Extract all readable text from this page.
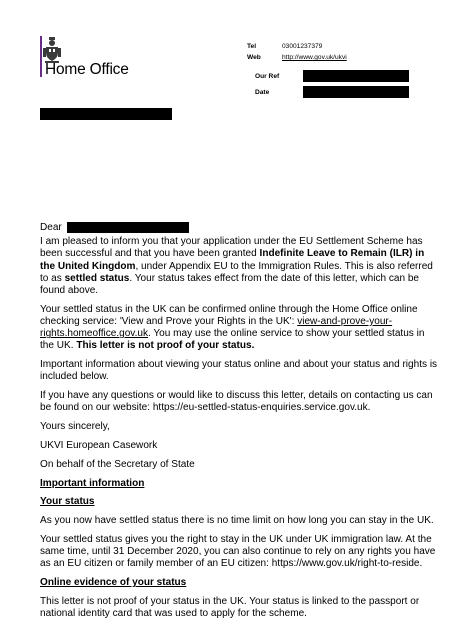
Home Office
Tel	03001237379
Web	http://www.gov.uk/ukvi
Our Ref
Date
Dear

I am pleased to inform you that your application under the EU Settlement Scheme has been successful and that you have been granted Indefinite Leave to Remain (ILR) in the United Kingdom, under Appendix EU to the Immigration Rules. This is also referred to as settled status. Your status takes effect from the date of this letter, which can be found above.

Your settled status in the UK can be confirmed online through the Home Office online checking service: 'View and Prove your Rights in the UK': view-and-prove-your-rights.homeoffice.gov.uk. You may use the online service to show your settled status in the UK. This letter is not proof of your status.

Important information about viewing your status online and about your status and rights is included below.

If you have any questions or would like to discuss this letter, details on contacting us can be found on our website: https://eu-settled-status-enquiries.service.gov.uk.

Yours sincerely,

UKVI European Casework

On behalf of the Secretary of State

Important information

Your status

As you now have settled status there is no time limit on how long you can stay in the UK.

Your settled status gives you the right to stay in the UK under UK immigration law. At the same time, until 31 December 2020, you can also continue to rely on any rights you have as an EU citizen or family member of an EU citizen: https://www.gov.uk/right-to-reside.

Online evidence of your status

This letter is not proof of your status in the UK. Your status is linked to the passport or national identity card that was used to apply for the scheme.
